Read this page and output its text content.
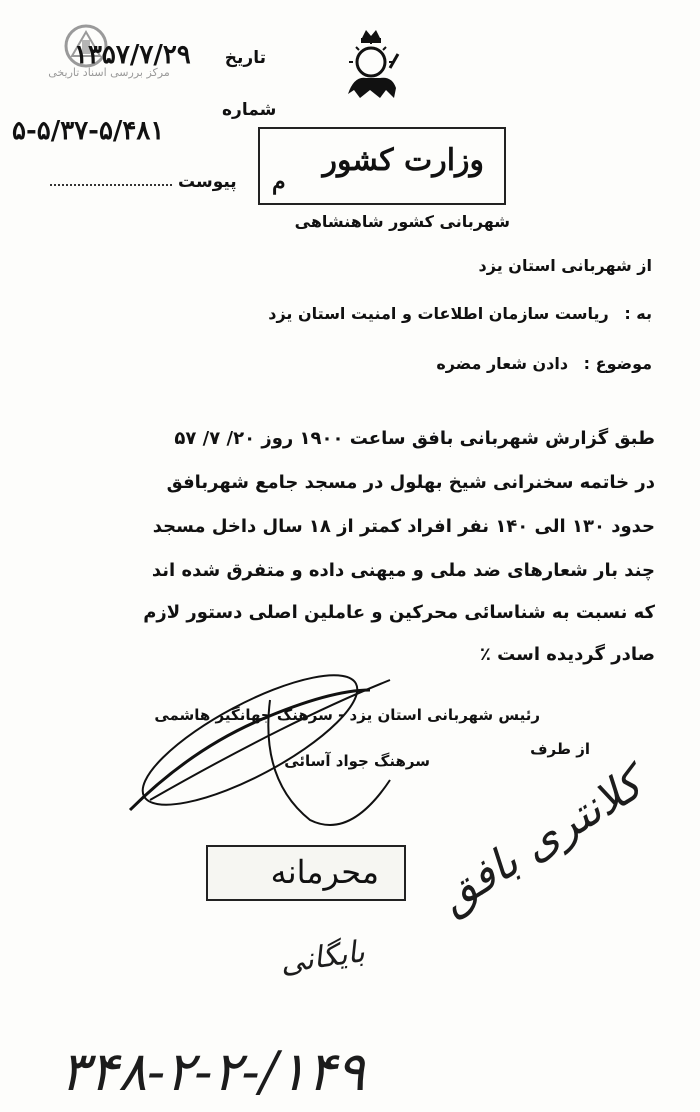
مرکز بررسی اسناد تاریخی
تاریخ
۱۳۵۷/۷/۲۹
شماره
۵-۵/۳۷-۵/۴۸۱
پیوست
وزارت کشور
م
شهربانی کشور شاهنشاهی
از شهربانی استان یزد
به : ریاست سازمان اطلاعات و امنیت استان یزد
موضوع : دادن شعار مضره
طبق گزارش شهربانی بافق ساعت ۱۹۰۰ روز ۲۰/ ۷/ ۵۷
در خاتمه سخنرانی شیخ بهلول در مسجد جامع شهربافق
حدود ۱۳۰ الی ۱۴۰ نفر افراد کمتر از ۱۸ سال داخل مسجد
چند بار شعارهای ضد ملی و میهنی داده و متفرق شده اند
که نسبت به شناسائی محرکین و عاملین اصلی دستور لازم
صادر گردیده است ٪
رئیس شهربانی استان یزد - سرهنگ جهانگیر هاشمی
از طرف
سرهنگ جواد آسائی
محرمانه کلانتری بافق
بایگانی
۳۴۸-۲-۲-/۱۴۹
